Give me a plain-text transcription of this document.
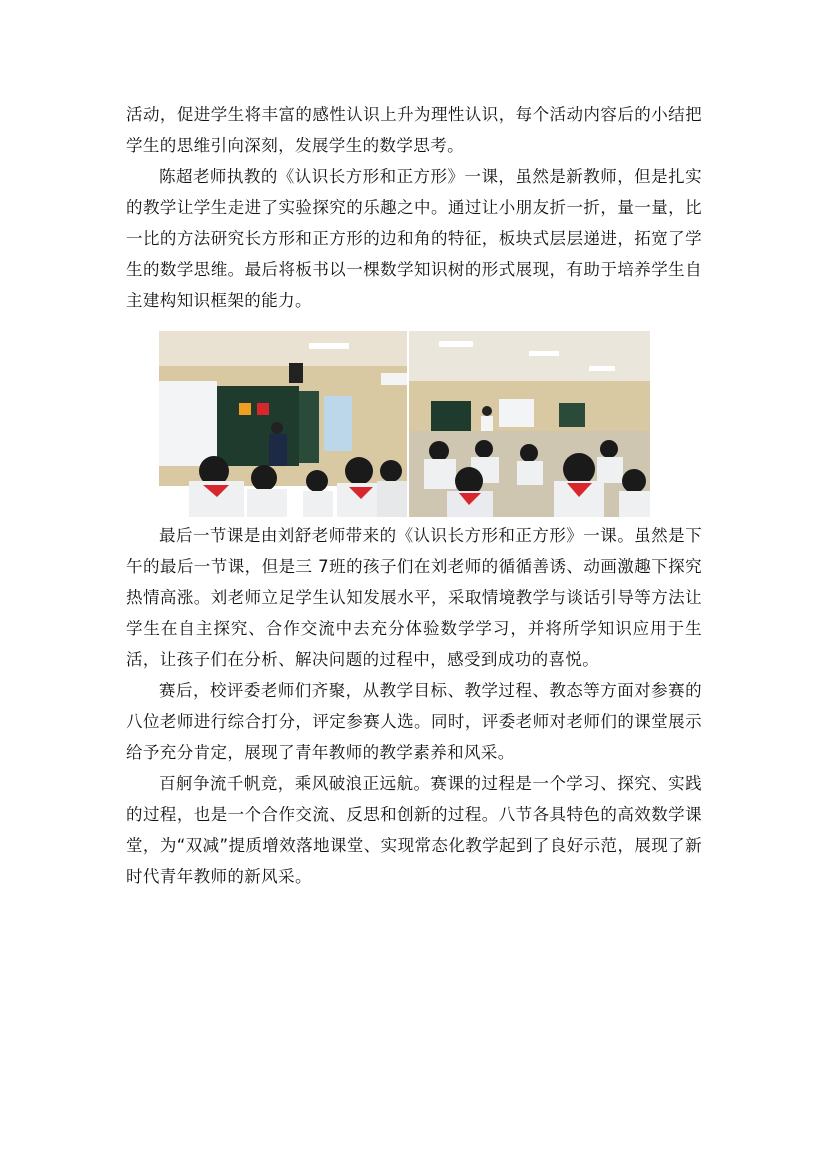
活动，促进学生将丰富的感性认识上升为理性认识，每个活动内容后的小结把学生的思维引向深刻，发展学生的数学思考。

陈超老师执教的《认识长方形和正方形》一课，虽然是新教师，但是扎实的教学让学生走进了实验探究的乐趣之中。通过让小朋友折一折，量一量，比一比的方法研究长方形和正方形的边和角的特征，板块式层层递进，拓宽了学生的数学思维。最后将板书以一棵数学知识树的形式展现，有助于培养学生自主建构知识框架的能力。

最后一节课是由刘舒老师带来的《认识长方形和正方形》一课。虽然是下午的最后一节课，但是三 7班的孩子们在刘老师的循循善诱、动画激趣下探究热情高涨。刘老师立足学生认知发展水平，采取情境教学与谈话引导等方法让学生在自主探究、合作交流中去充分体验数学学习，并将所学知识应用于生活，让孩子们在分析、解决问题的过程中，感受到成功的喜悦。

赛后，校评委老师们齐聚，从教学目标、教学过程、教态等方面对参赛的八位老师进行综合打分，评定参赛人选。同时，评委老师对老师们的课堂展示给予充分肯定，展现了青年教师的教学素养和风采。

百舸争流千帆竞，乘风破浪正远航。赛课的过程是一个学习、探究、实践的过程，也是一个合作交流、反思和创新的过程。八节各具特色的高效数学课堂，为“双减”提质增效落地课堂、实现常态化教学起到了良好示范，展现了新时代青年教师的新风采。
